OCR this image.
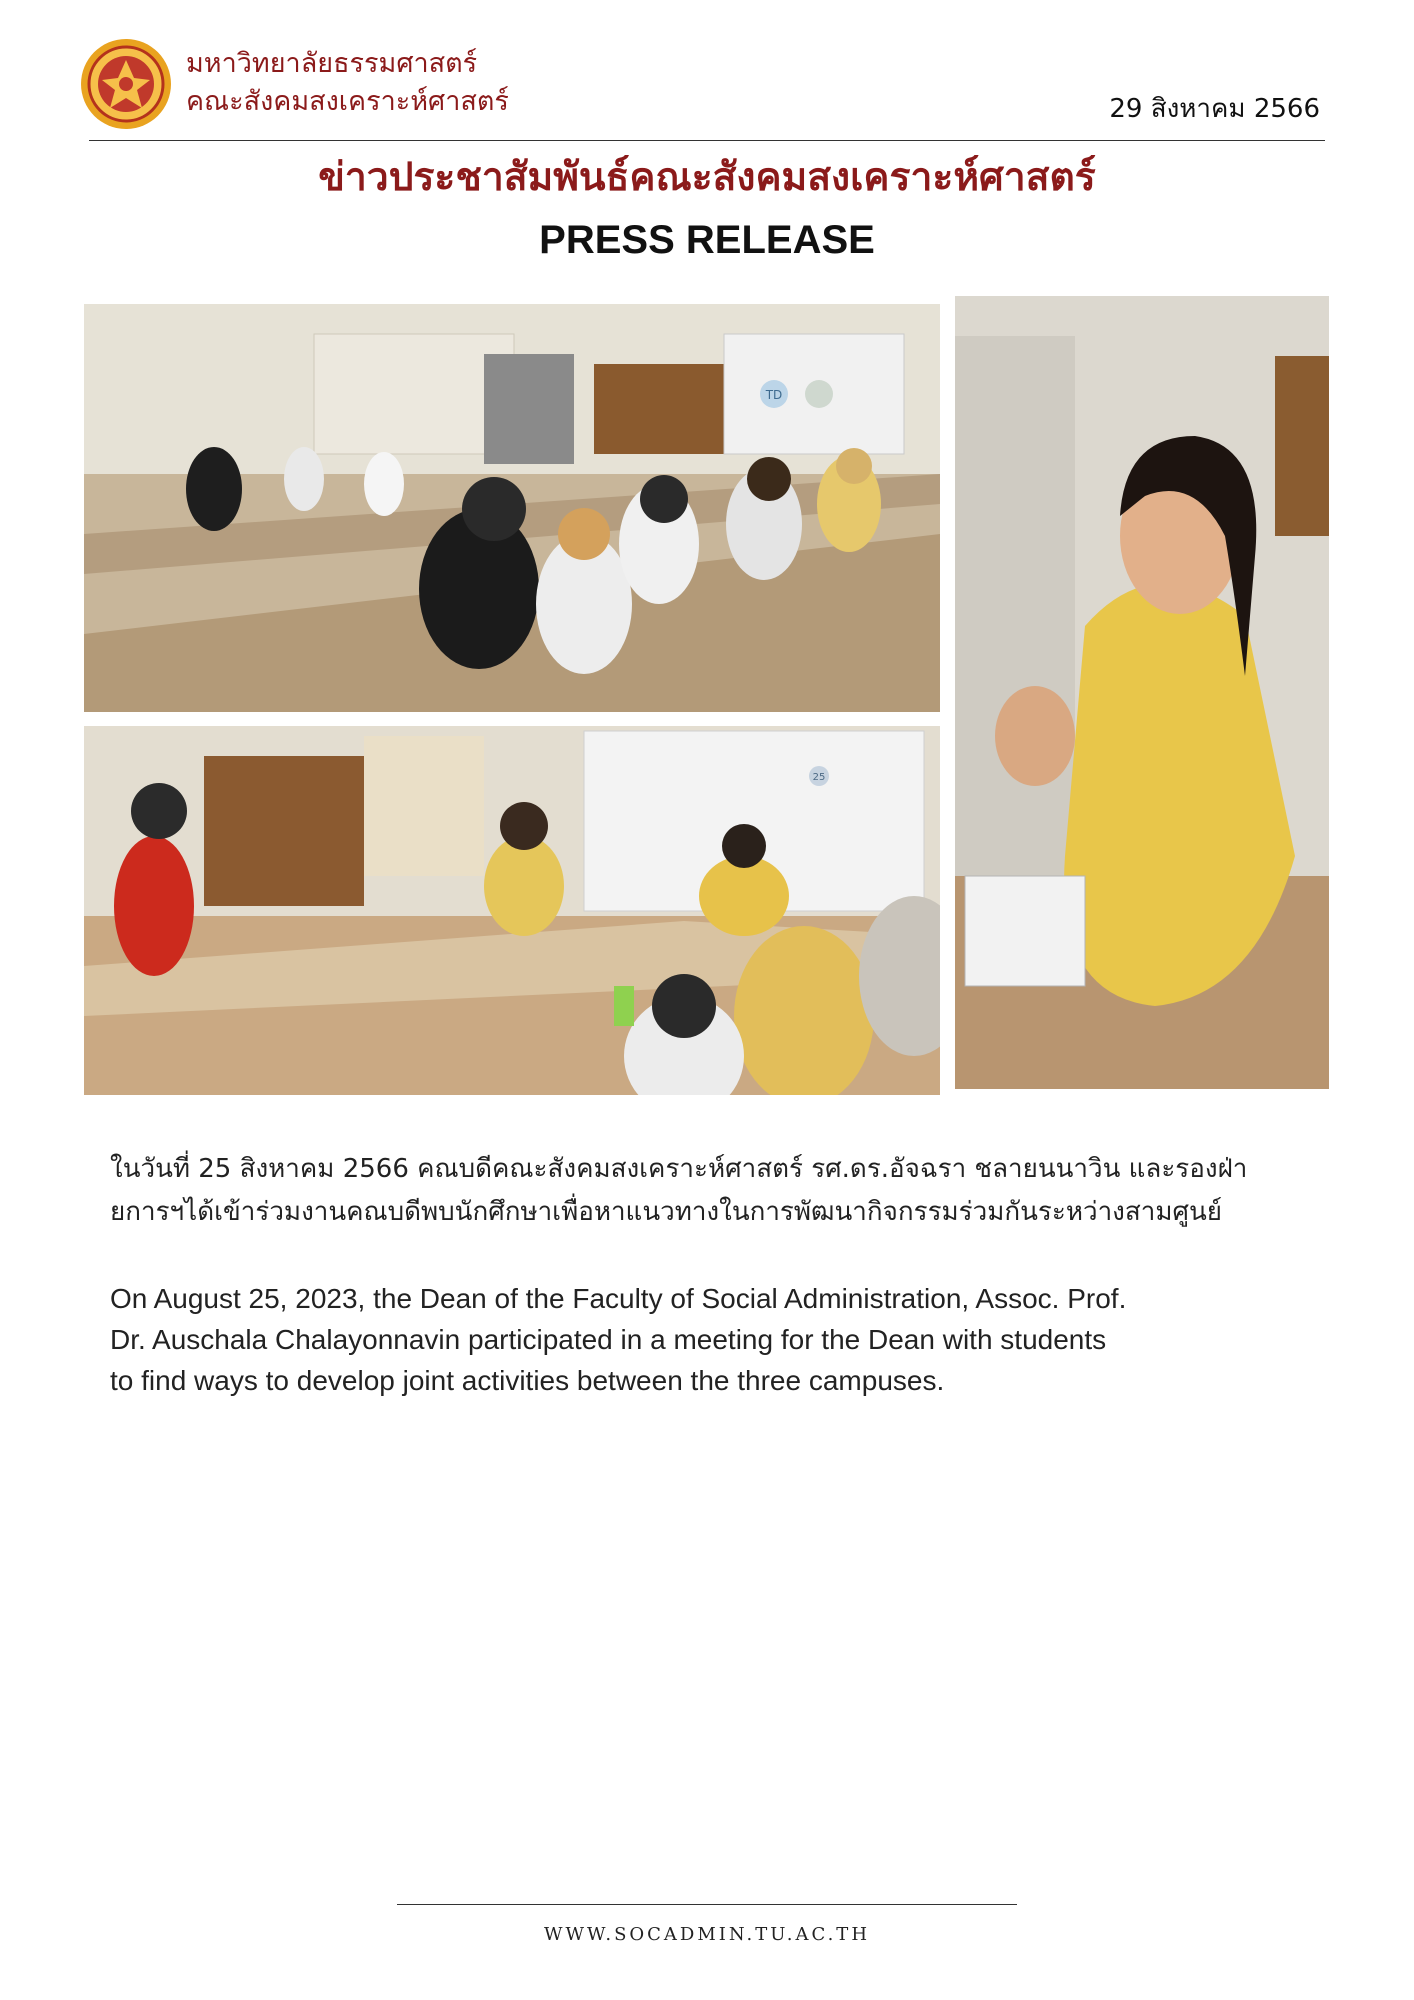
มหาวิทยาลัยธรรมศาสตร์
คณะสังคมสงเคราะห์ศาสตร์	29 สิงหาคม 2566
ข่าวประชาสัมพันธ์คณะสังคมสงเคราะห์ศาสตร์
PRESS RELEASE
TD
25
ในวันที่ 25 สิงหาคม 2566 คณบดีคณะสังคมสงเคราะห์ศาสตร์ รศ.ดร.อัจฉรา ชลายนนาวิน และรองฝ่า
ยการฯได้เข้าร่วมงานคณบดีพบนักศึกษาเพื่อหาแนวทางในการพัฒนากิจกรรมร่วมกันระหว่างสามศูนย์
On August 25, 2023, the Dean of the Faculty of Social Administration, Assoc. Prof.
Dr. Auschala Chalayonnavin participated in a meeting for the Dean with students
to find ways to develop joint activities between the three campuses.
WWW.SOCADMIN.TU.AC.TH
